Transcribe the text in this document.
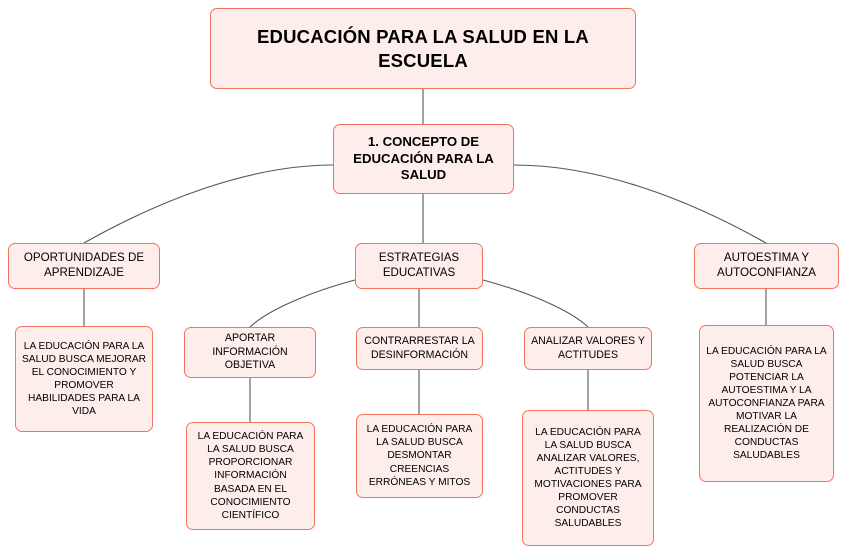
EDUCACIÓN PARA LA SALUD EN LA ESCUELA
1. CONCEPTO DE EDUCACIÓN PARA LA SALUD
OPORTUNIDADES DE APRENDIZAJE
ESTRATEGIAS EDUCATIVAS
AUTOESTIMA Y AUTOCONFIANZA
LA EDUCACIÓN PARA LA SALUD BUSCA MEJORAR EL CONOCIMIENTO Y PROMOVER HABILIDADES PARA LA VIDA
APORTAR INFORMACIÓN OBJETIVA
LA EDUCACIÓN PARA LA SALUD BUSCA PROPORCIONAR INFORMACIÓN BASADA EN EL CONOCIMIENTO CIENTÍFICO
CONTRARRESTAR LA DESINFORMACIÓN
LA EDUCACIÓN PARA LA SALUD BUSCA DESMONTAR CREENCIAS ERRÓNEAS Y MITOS
ANALIZAR VALORES Y ACTITUDES
LA EDUCACIÓN PARA LA SALUD BUSCA ANALIZAR VALORES, ACTITUDES Y MOTIVACIONES PARA PROMOVER CONDUCTAS SALUDABLES
LA EDUCACIÓN PARA LA SALUD BUSCA POTENCIAR LA AUTOESTIMA Y LA AUTOCONFIANZA PARA MOTIVAR LA REALIZACIÓN DE CONDUCTAS SALUDABLES
